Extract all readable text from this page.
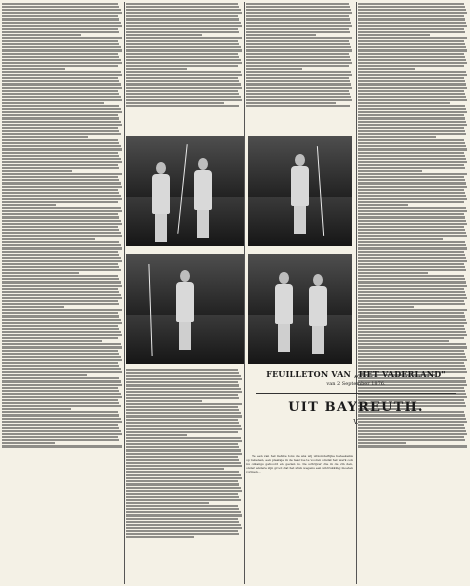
FEUILLETON VAN „HET VADERLAND"
van 2 September 1876.
UIT BAYREUTH.
V.

Te een van het liefste tons de ans wij uitzonderlijke beteekenis op rekenen, een plaatsje in de taal toe te vooren omdat het werk ook nu onlangs gehoord en gezien is. De schrijver die in de zin den, onder andere zijn groot dat het stuk wegens een uitdrukking moeten vormen...
